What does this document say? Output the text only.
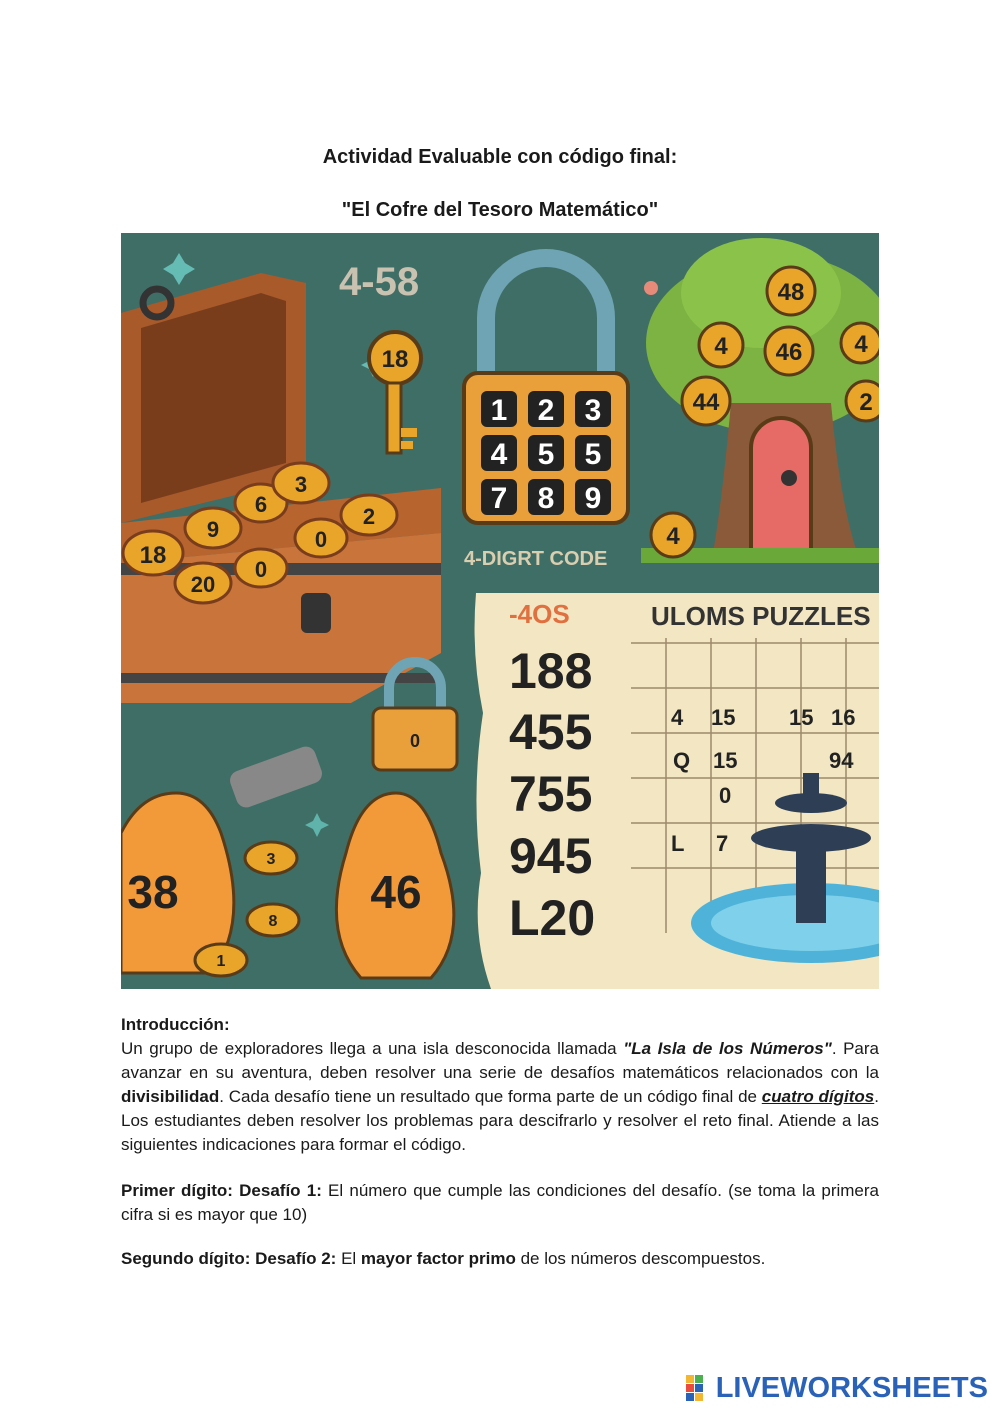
Actividad Evaluable con código final:
"El Cofre del Tesoro Matemático"
18
9
6
3
2
20
0
0
4-58
18
1 2 3
4 5 5
7 8 9
4-DIGRT CODE
48
4 46 4
44	2
4
0
38	46
3
8
1
-4OS	ULOMS PUZZLES
188
455
755
945
L20
4 15 15 16
Q 15	94
0
L 7
Introducción:
Un grupo de exploradores llega a una isla desconocida llamada "La Isla de los Números". Para avanzar en su aventura, deben resolver una serie de desafíos matemáticos relacionados con la divisibilidad. Cada desafío tiene un resultado que forma parte de un código final de cuatro dígitos. Los estudiantes deben resolver los problemas para descifrarlo y resolver el reto final. Atiende a las siguientes indicaciones para formar el código.
Primer dígito: Desafío 1: El número que cumple las condiciones del desafío. (se toma la primera cifra si es mayor que 10)
Segundo dígito: Desafío 2: El mayor factor primo de los números descompuestos.
LIVEWORKSHEETS
